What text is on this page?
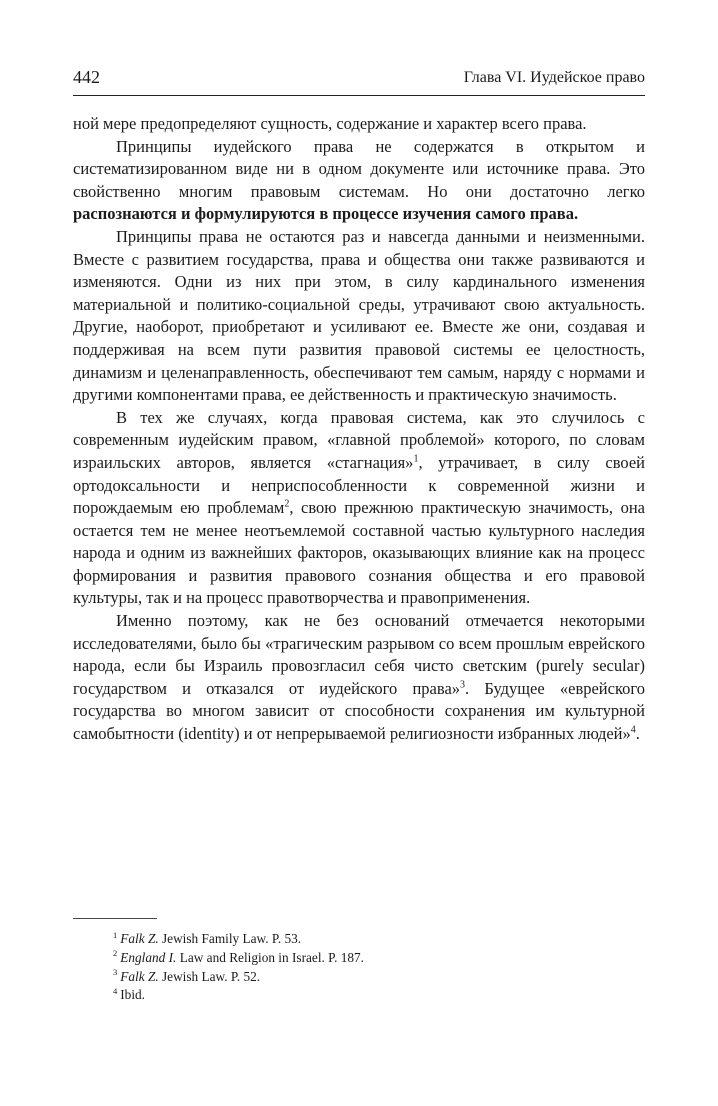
442	Глава VI. Иудейское право

ной мере предопределяют сущность, содержание и характер всего права.

Принципы иудейского права не содержатся в открытом и систематизированном виде ни в одном документе или источнике права. Это свойственно многим правовым системам. Но они достаточно легко распознаются и формулируются в процессе изучения самого права.

Принципы права не остаются раз и навсегда данными и неизменными. Вместе с развитием государства, права и общества они также развиваются и изменяются. Одни из них при этом, в силу кардинального изменения материальной и политико-социальной среды, утрачивают свою актуальность. Другие, наоборот, приобретают и усиливают ее. Вместе же они, создавая и поддерживая на всем пути развития правовой системы ее целостность, динамизм и целенаправленность, обеспечивают тем самым, наряду с нормами и другими компонентами права, ее действенность и практическую значимость.

В тех же случаях, когда правовая система, как это случилось с современным иудейским правом, «главной проблемой» которого, по словам израильских авторов, является «стагнация»$^1$, утрачивает, в силу своей ортодоксальности и неприспособленности к современной жизни и порождаемым ею проблемам$^2$, свою прежнюю практическую значимость, она остается тем не менее неотъемлемой составной частью культурного наследия народа и одним из важнейших факторов, оказывающих влияние как на процесс формирования и развития правового сознания общества и его правовой культуры, так и на процесс правотворчества и правоприменения.

Именно поэтому, как не без оснований отмечается некоторыми исследователями, было бы «трагическим разрывом со всем прошлым еврейского народа, если бы Израиль провозгласил себя чисто светским (purely secular) государством и отказался от иудейского права»$^3$. Будущее «еврейского государства во многом зависит от способности сохранения им культурной самобытности (identity) и от непрерываемой религиозности избранных людей»$^4$.

$^1$ Falk Z. Jewish Family Law. P. 53.
$^2$ England I. Law and Religion in Israel. P. 187.
$^3$ Falk Z. Jewish Law. P. 52.
$^4$ Ibid.
